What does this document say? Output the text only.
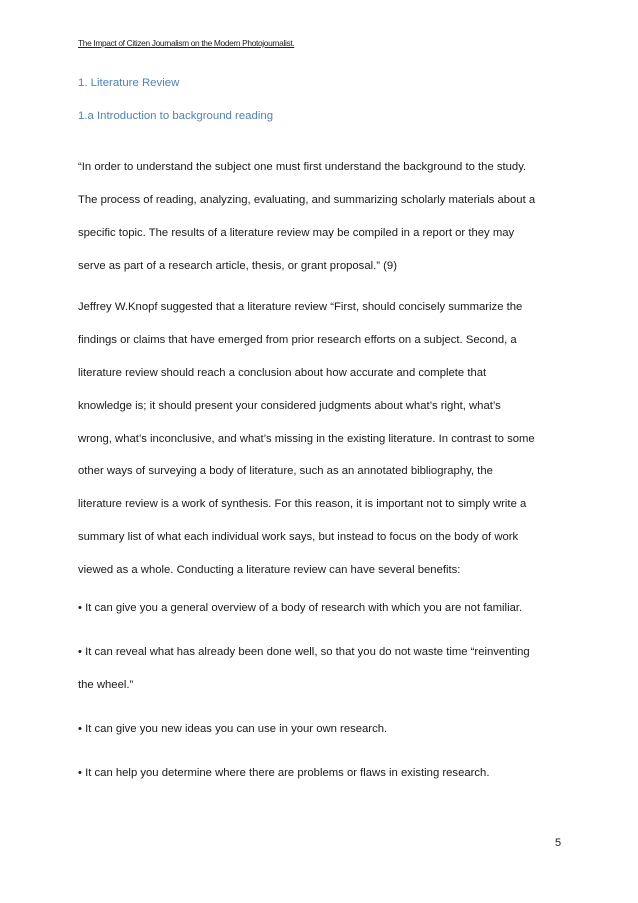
The Impact of Citizen Journalism on the Modern Photojournalist.
1. Literature Review
1.a Introduction to background reading
“In order to understand the subject one must first understand the background to the study.
The process of reading, analyzing, evaluating, and summarizing scholarly materials about a
specific topic. The results of a literature review may be compiled in a report or they may
serve as part of a research article, thesis, or grant proposal.” (9)
Jeffrey W.Knopf suggested that a literature review “First, should concisely summarize the
findings or claims that have emerged from prior research efforts on a subject. Second, a
literature review should reach a conclusion about how accurate and complete that
knowledge is; it should present your considered judgments about what’s right, what’s
wrong, what’s inconclusive, and what’s missing in the existing literature. In contrast to some
other ways of surveying a body of literature, such as an annotated bibliography, the
literature review is a work of synthesis. For this reason, it is important not to simply write a
summary list of what each individual work says, but instead to focus on the body of work
viewed as a whole. Conducting a literature review can have several benefits:
• It can give you a general overview of a body of research with which you are not familiar.
• It can reveal what has already been done well, so that you do not waste time “reinventing
the wheel.”
• It can give you new ideas you can use in your own research.
• It can help you determine where there are problems or flaws in existing research.
5
